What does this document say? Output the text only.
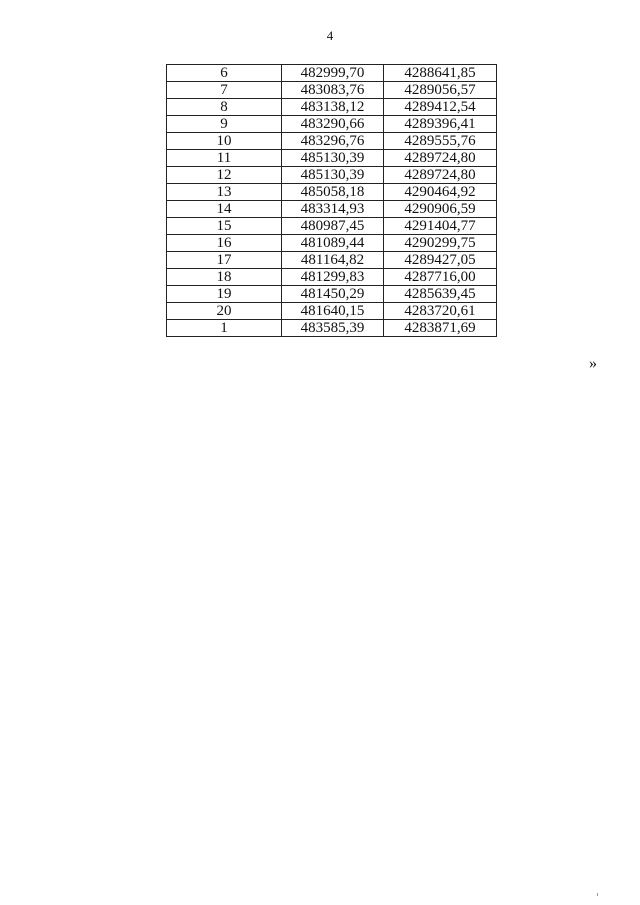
4
6	482999,70	4288641,85
7	483083,76	4289056,57
8	483138,12	4289412,54
9	483290,66	4289396,41
10	483296,76	4289555,76
11	485130,39	4289724,80
12	485130,39	4289724,80
13	485058,18	4290464,92
14	483314,93	4290906,59
15	480987,45	4291404,77
16	481089,44	4290299,75
17	481164,82	4289427,05
18	481299,83	4287716,00
19	481450,29	4285639,45
20	481640,15	4283720,61
1	483585,39	4283871,69
»
